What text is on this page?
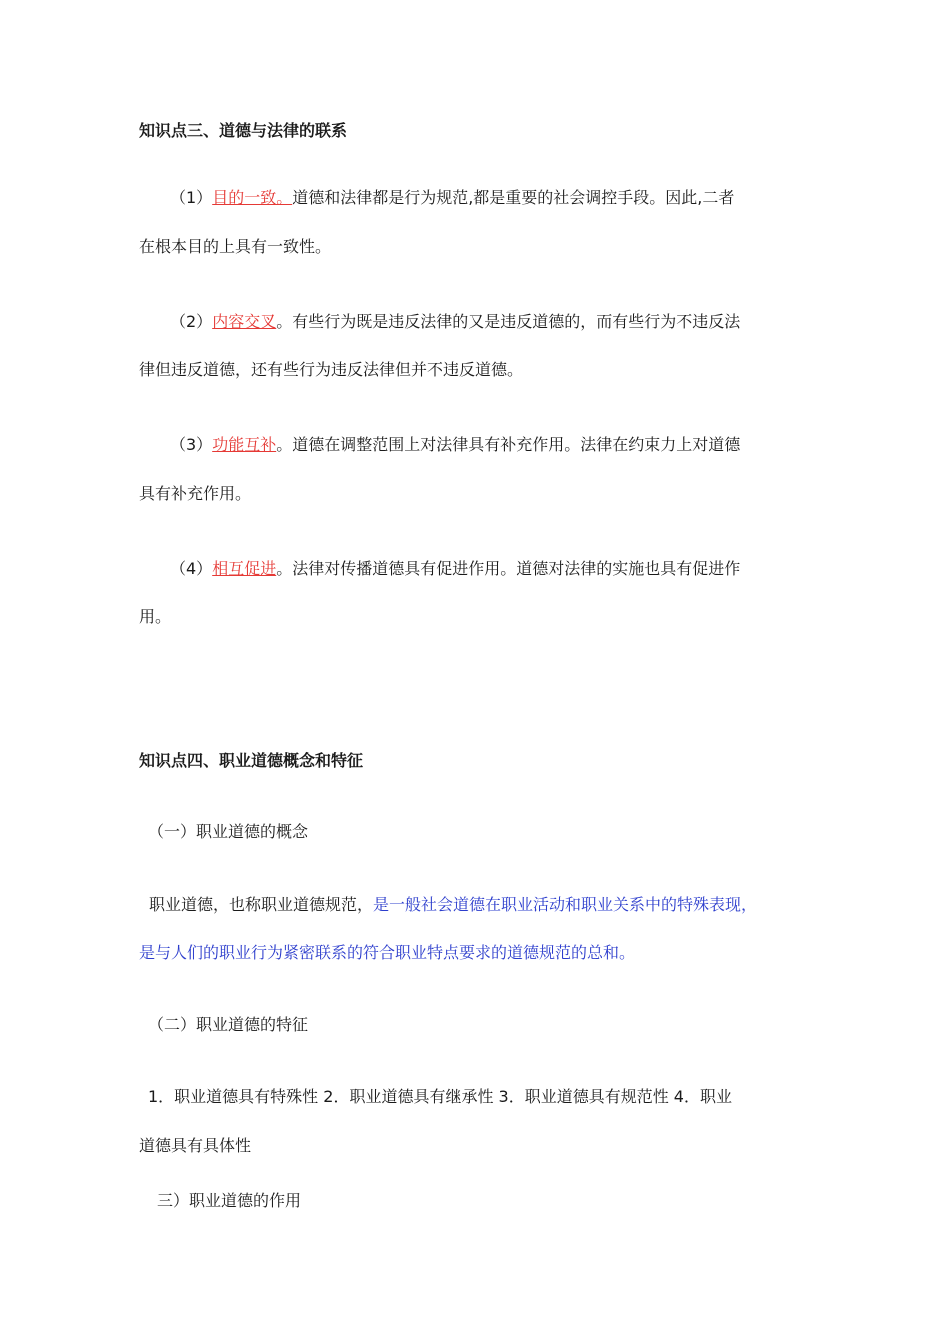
知识点三、道德与法律的联系
（1）目的一致。道德和法律都是行为规范,都是重要的社会调控手段。因此,二者
在根本目的上具有一致性。
（2）内容交叉。有些行为既是违反法律的又是违反道德的，而有些行为不违反法
律但违反道德，还有些行为违反法律但并不违反道德。
（3）功能互补。道德在调整范围上对法律具有补充作用。法律在约束力上对道德
具有补充作用。
（4）相互促进。法律对传播道德具有促进作用。道德对法律的实施也具有促进作
用。
知识点四、职业道德概念和特征
（一）职业道德的概念
职业道德，也称职业道德规范，是一般社会道德在职业活动和职业关系中的特殊表现，
是与人们的职业行为紧密联系的符合职业特点要求的道德规范的总和。
（二）职业道德的特征
1．职业道德具有特殊性 2．职业道德具有继承性 3．职业道德具有规范性 4．职业
道德具有具体性
三）职业道德的作用
